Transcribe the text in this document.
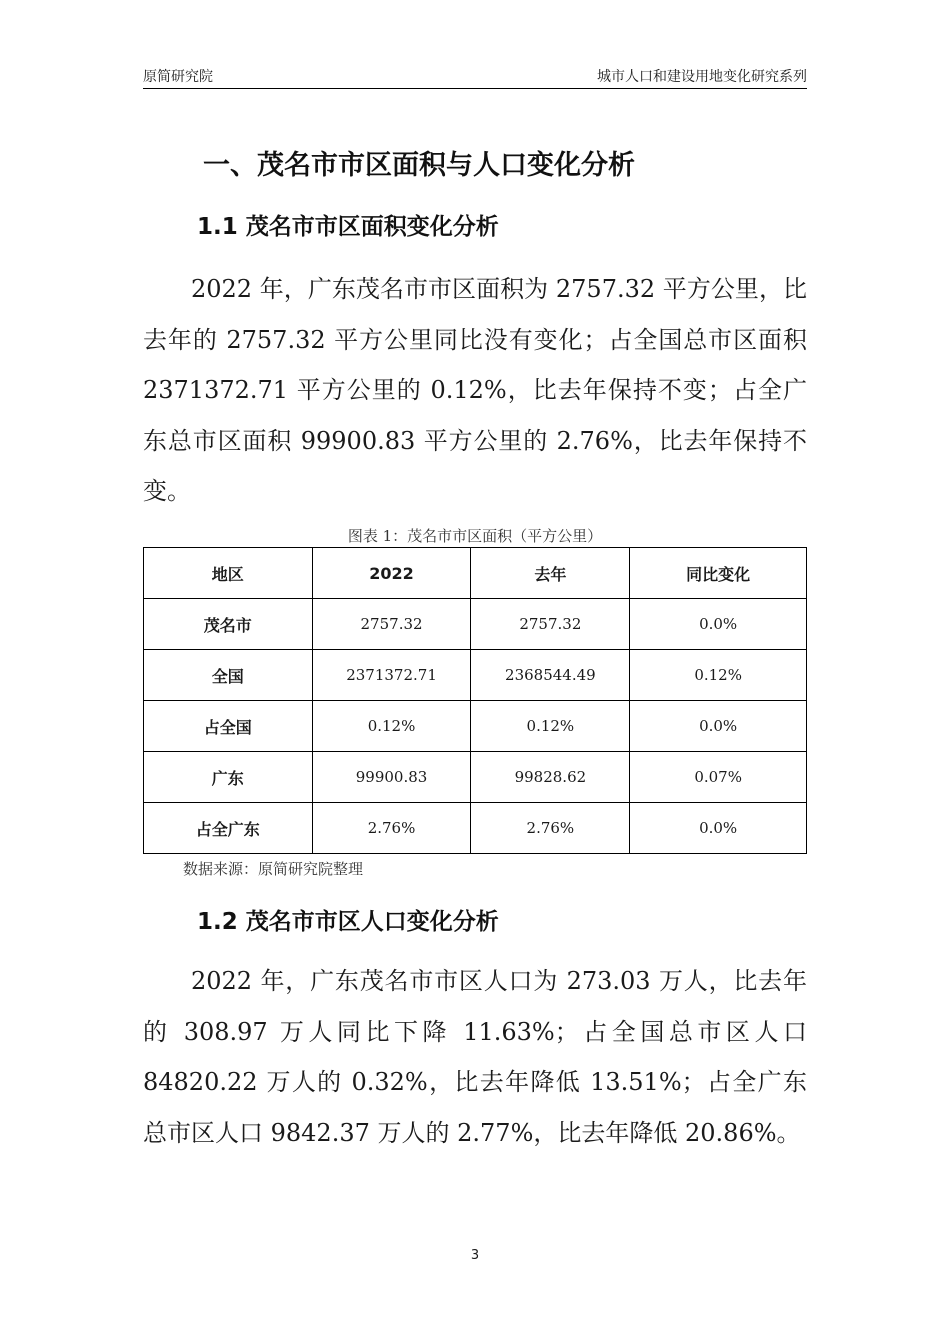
原简研究院	城市人口和建设用地变化研究系列
一、茂名市市区面积与人口变化分析
1.1 茂名市市区面积变化分析
2022 年，广东茂名市市区面积为 2757.32 平方公里，比去年的 2757.32 平方公里同比没有变化；占全国总市区面积 2371372.71 平方公里的 0.12%，比去年保持不变；占全广东总市区面积 99900.83 平方公里的 2.76%，比去年保持不变。
图表 1：茂名市市区面积（平方公里）
地区	2022	去年	同比变化
茂名市	2757.32	2757.32	0.0%
全国	2371372.71	2368544.49	0.12%
占全国	0.12%	0.12%	0.0%
广东	99900.83	99828.62	0.07%
占全广东	2.76%	2.76%	0.0%
数据来源：原简研究院整理
1.2 茂名市市区人口变化分析
2022 年，广东茂名市市区人口为 273.03 万人，比去年的 308.97 万人同比下降 11.63%；占全国总市区人口 84820.22 万人的 0.32%，比去年降低 13.51%；占全广东总市区人口 9842.37 万人的 2.77%，比去年降低 20.86%。
3
